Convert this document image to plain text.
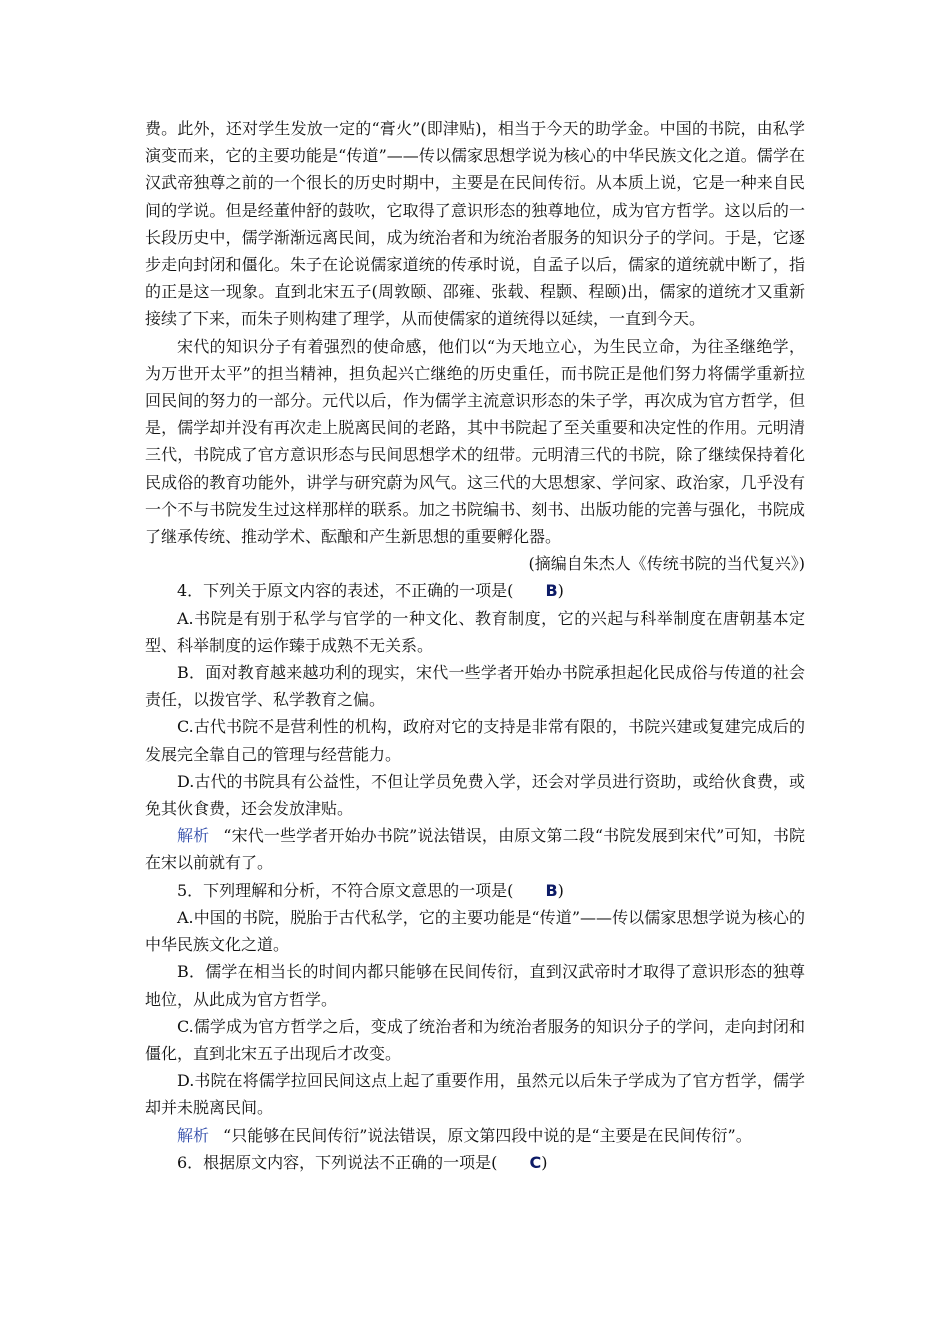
费。此外，还对学生发放一定的“膏火”(即津贴)，相当于今天的助学金。中国的书院，由私学演变而来，它的主要功能是“传道”——传以儒家思想学说为核心的中华民族文化之道。儒学在汉武帝独尊之前的一个很长的历史时期中，主要是在民间传衍。从本质上说，它是一种来自民间的学说。但是经董仲舒的鼓吹，它取得了意识形态的独尊地位，成为官方哲学。这以后的一长段历史中，儒学渐渐远离民间，成为统治者和为统治者服务的知识分子的学问。于是，它逐步走向封闭和僵化。朱子在论说儒家道统的传承时说，自孟子以后，儒家的道统就中断了，指的正是这一现象。直到北宋五子(周敦颐、邵雍、张载、程颢、程颐)出，儒家的道统才又重新接续了下来，而朱子则构建了理学，从而使儒家的道统得以延续，一直到今天。

宋代的知识分子有着强烈的使命感，他们以“为天地立心，为生民立命，为往圣继绝学，为万世开太平”的担当精神，担负起兴亡继绝的历史重任，而书院正是他们努力将儒学重新拉回民间的努力的一部分。元代以后，作为儒学主流意识形态的朱子学，再次成为官方哲学，但是，儒学却并没有再次走上脱离民间的老路，其中书院起了至关重要和决定性的作用。元明清三代，书院成了官方意识形态与民间思想学术的纽带。元明清三代的书院，除了继续保持着化民成俗的教育功能外，讲学与研究蔚为风气。这三代的大思想家、学问家、政治家，几乎没有一个不与书院发生过这样那样的联系。加之书院编书、刻书、出版功能的完善与强化，书院成了继承传统、推动学术、酝酿和产生新思想的重要孵化器。

(摘编自朱杰人《传统书院的当代复兴》)

4．下列关于原文内容的表述，不正确的一项是( B)

A.书院是有别于私学与官学的一种文化、教育制度，它的兴起与科举制度在唐朝基本定型、科举制度的运作臻于成熟不无关系。

B．面对教育越来越功利的现实，宋代一些学者开始办书院承担起化民成俗与传道的社会责任，以拨官学、私学教育之偏。

C.古代书院不是营利性的机构，政府对它的支持是非常有限的，书院兴建或复建完成后的发展完全靠自己的管理与经营能力。

D.古代的书院具有公益性，不但让学员免费入学，还会对学员进行资助，或给伙食费，或免其伙食费，还会发放津贴。

解析 “宋代一些学者开始办书院”说法错误，由原文第二段“书院发展到宋代”可知，书院在宋以前就有了。

5．下列理解和分析，不符合原文意思的一项是( B)

A.中国的书院，脱胎于古代私学，它的主要功能是“传道”——传以儒家思想学说为核心的中华民族文化之道。

B．儒学在相当长的时间内都只能够在民间传衍，直到汉武帝时才取得了意识形态的独尊地位，从此成为官方哲学。

C.儒学成为官方哲学之后，变成了统治者和为统治者服务的知识分子的学问，走向封闭和僵化，直到北宋五子出现后才改变。

D.书院在将儒学拉回民间这点上起了重要作用，虽然元以后朱子学成为了官方哲学，儒学却并未脱离民间。

解析 “只能够在民间传衍”说法错误，原文第四段中说的是“主要是在民间传衍”。

6．根据原文内容，下列说法不正确的一项是( C)
